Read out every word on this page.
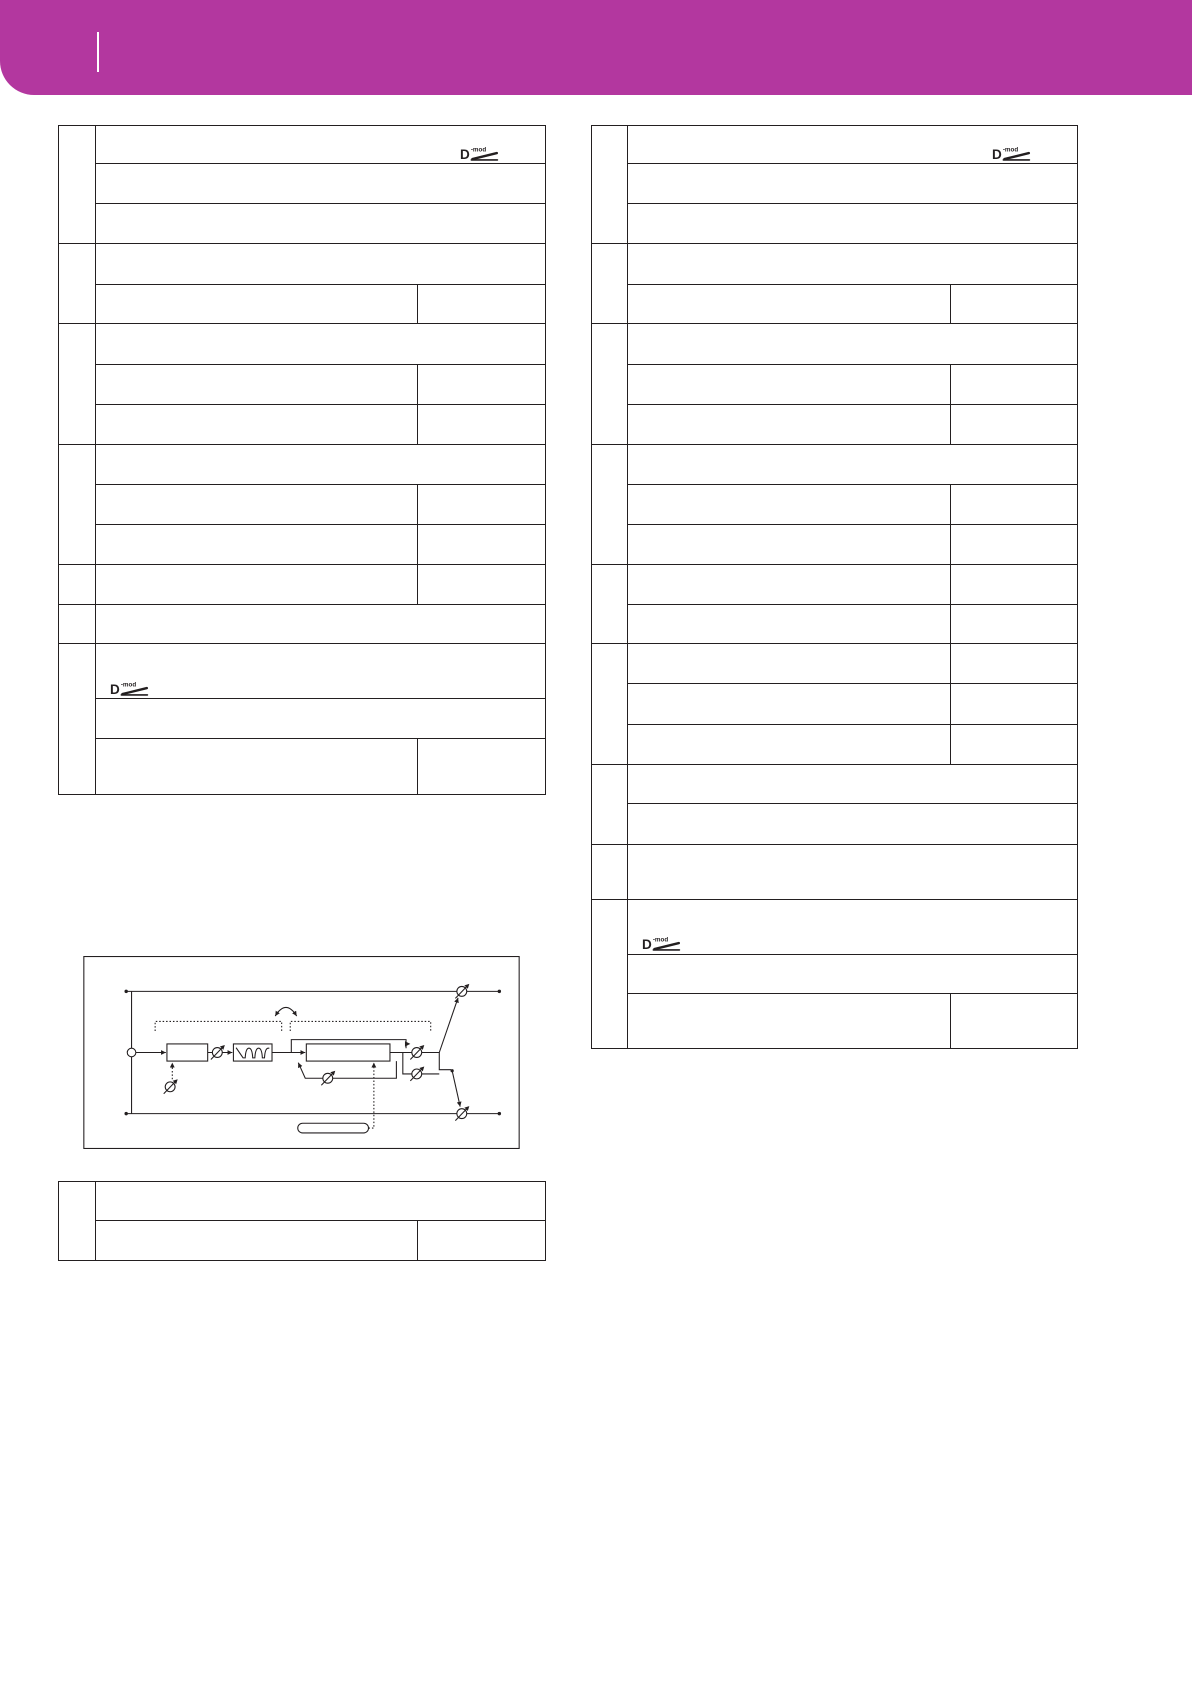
D -mod
D -mod
D -mod
D -mod
